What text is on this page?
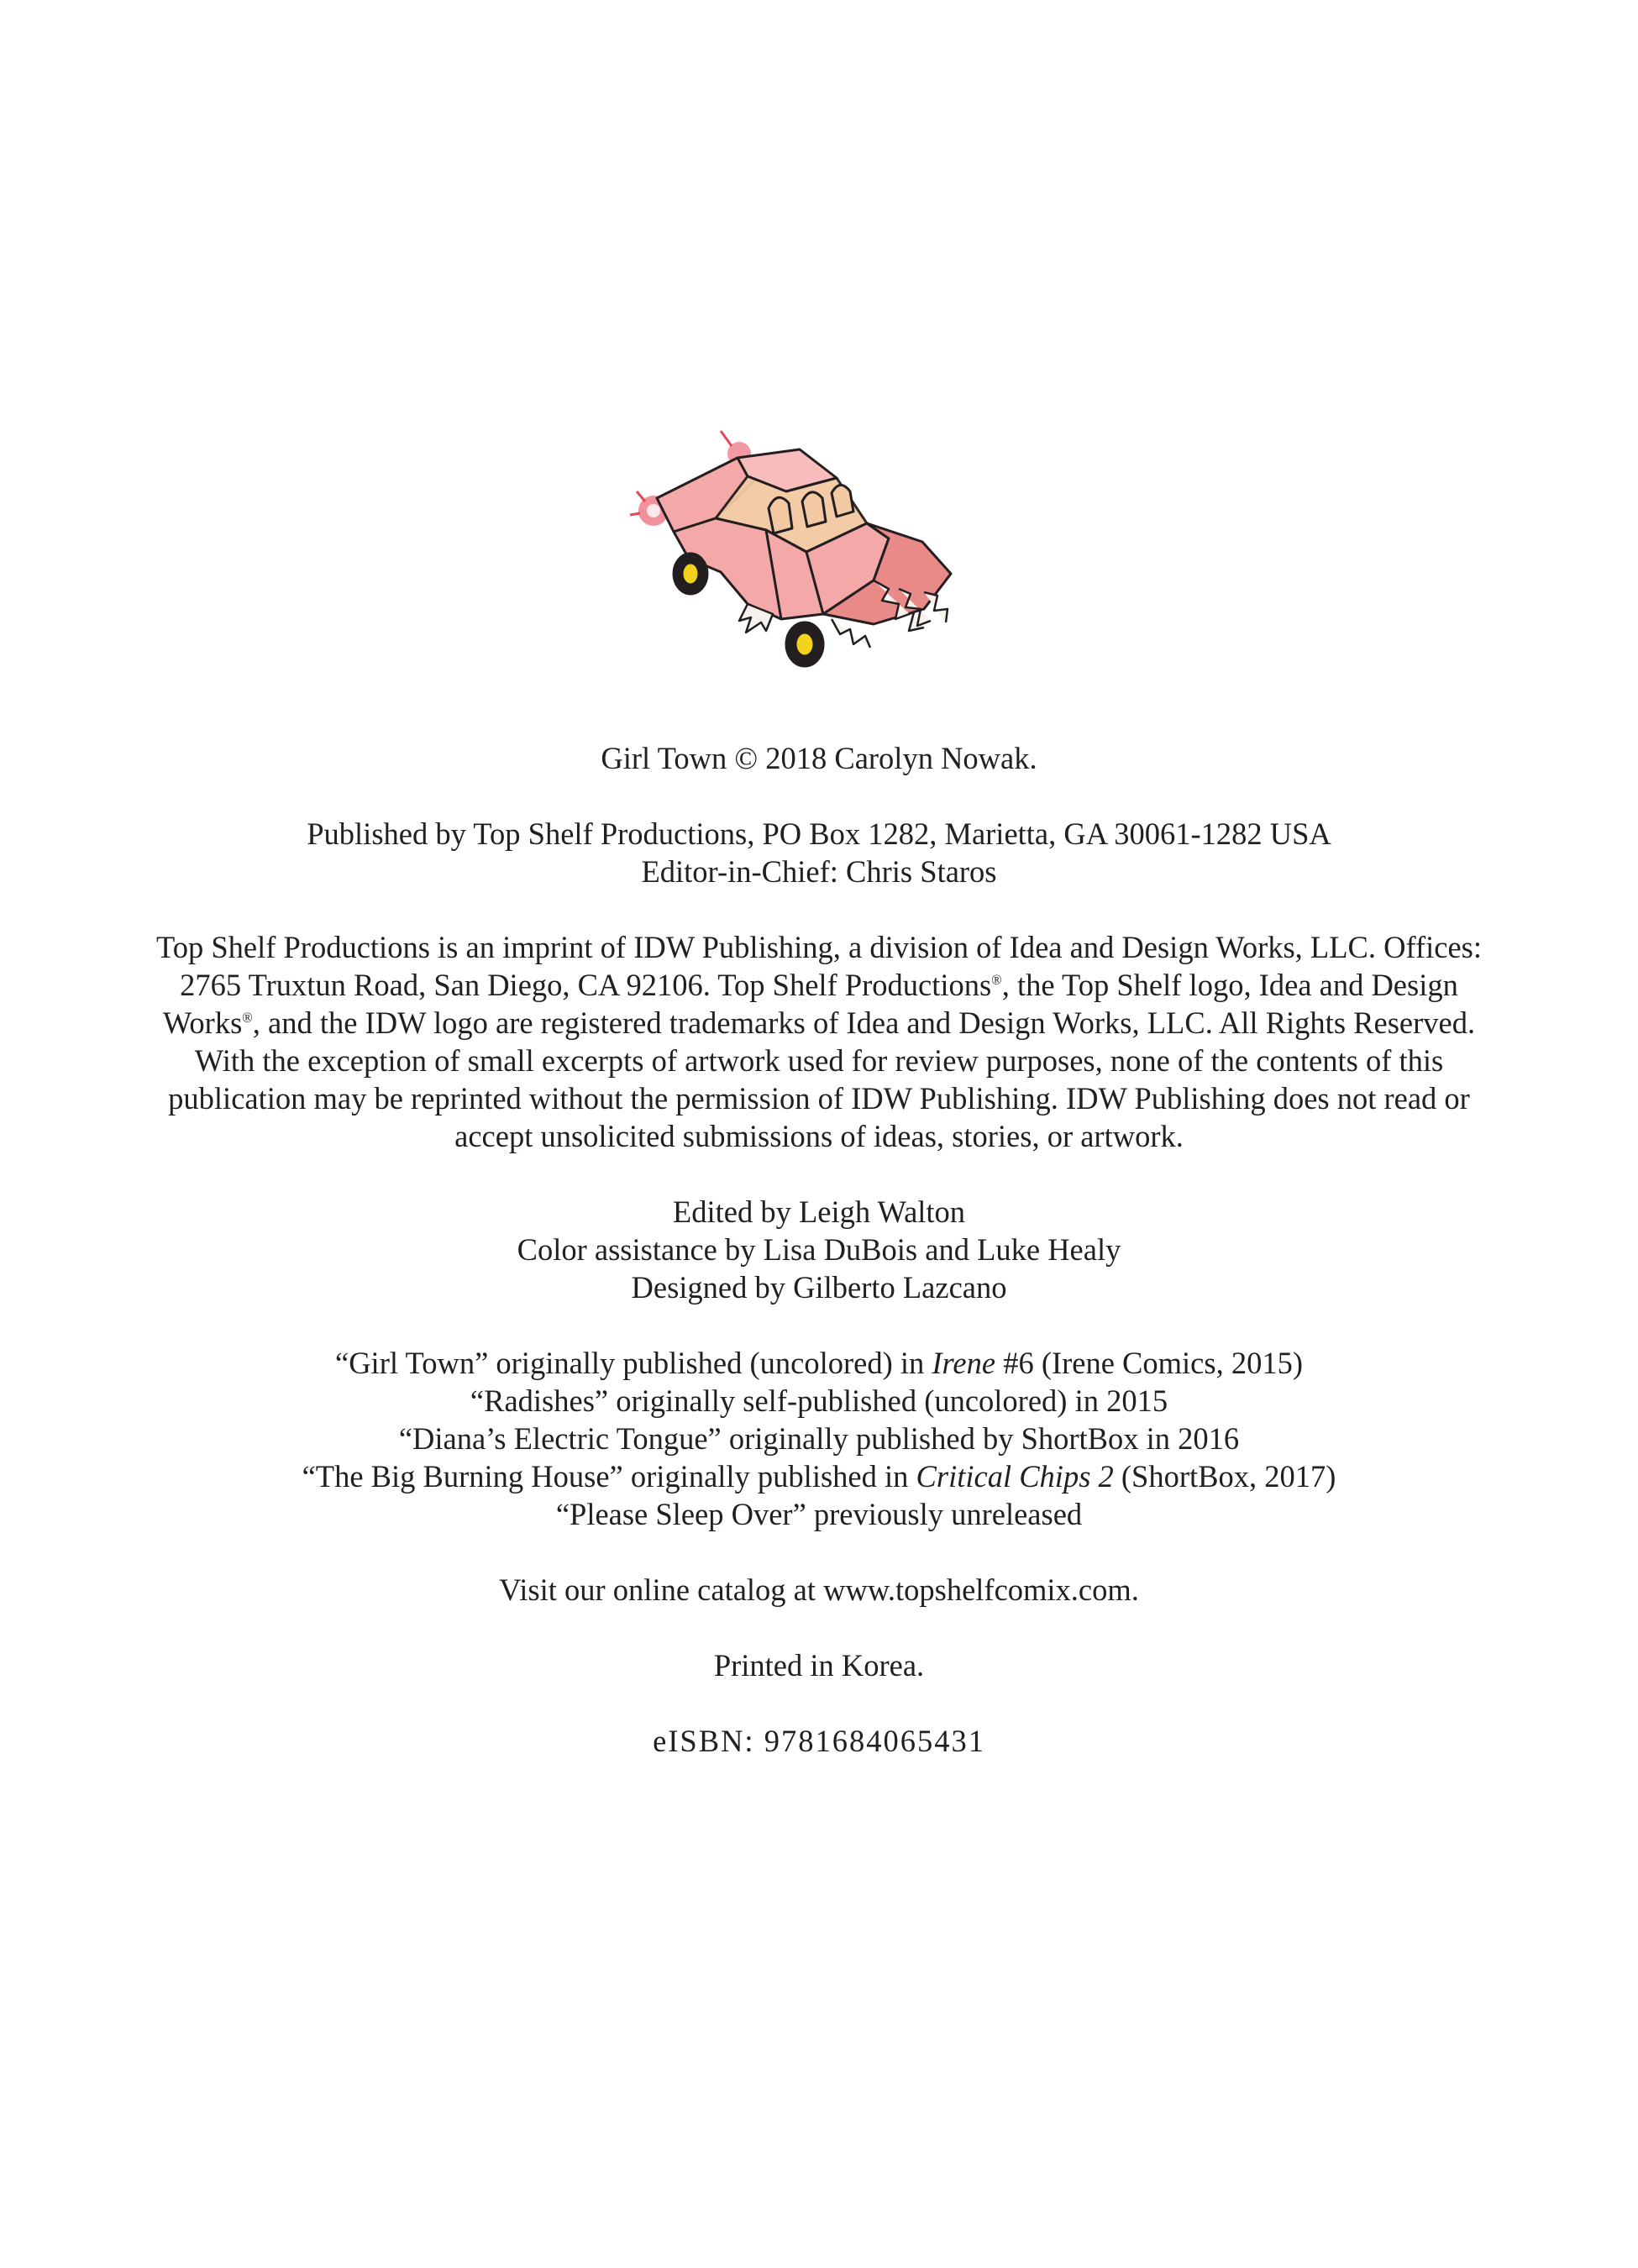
Girl Town © 2018 Carolyn Nowak.
Published by Top Shelf Productions, PO Box 1282, Marietta, GA 30061-1282 USA
Editor-in-Chief: Chris Staros
Top Shelf Productions is an imprint of IDW Publishing, a division of Idea and Design Works, LLC. Offices:
2765 Truxtun Road, San Diego, CA 92106. Top Shelf Productions®, the Top Shelf logo, Idea and Design
Works®, and the IDW logo are registered trademarks of Idea and Design Works, LLC. All Rights Reserved.
With the exception of small excerpts of artwork used for review purposes, none of the contents of this
publication may be reprinted without the permission of IDW Publishing. IDW Publishing does not read or
accept unsolicited submissions of ideas, stories, or artwork.
Edited by Leigh Walton
Color assistance by Lisa DuBois and Luke Healy
Designed by Gilberto Lazcano
“Girl Town” originally published (uncolored) in Irene #6 (Irene Comics, 2015)
“Radishes” originally self-published (uncolored) in 2015
“Diana’s Electric Tongue” originally published by ShortBox in 2016
“The Big Burning House” originally published in Critical Chips 2 (ShortBox, 2017)
“Please Sleep Over” previously unreleased
Visit our online catalog at www.topshelfcomix.com.
Printed in Korea.
eISBN: 9781684065431
